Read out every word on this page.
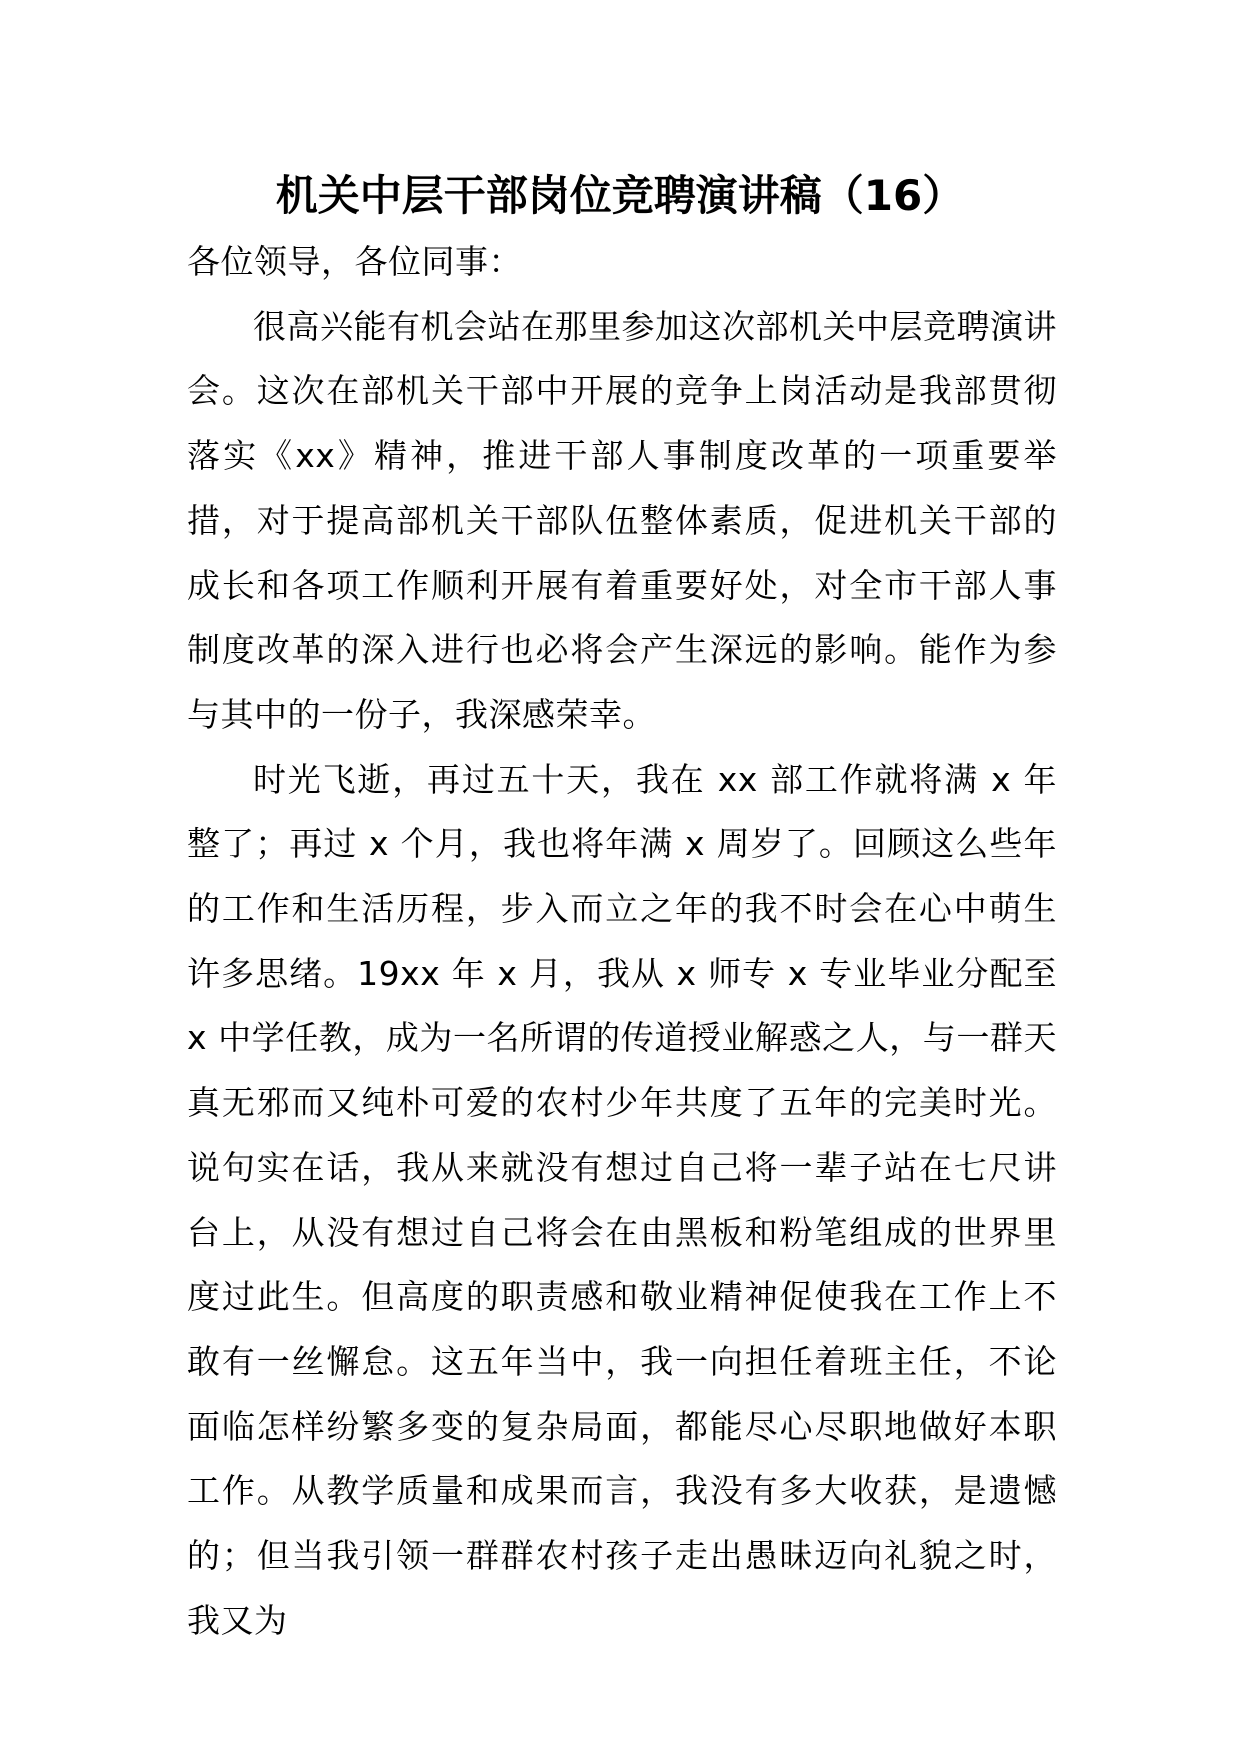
机关中层干部岗位竞聘演讲稿（16）

各位领导，各位同事：

很高兴能有机会站在那里参加这次部机关中层竞聘演讲会。这次在部机关干部中开展的竞争上岗活动是我部贯彻落实《xx》精神，推进干部人事制度改革的一项重要举措，对于提高部机关干部队伍整体素质，促进机关干部的成长和各项工作顺利开展有着重要好处，对全市干部人事制度改革的深入进行也必将会产生深远的影响。能作为参与其中的一份子，我深感荣幸。

时光飞逝，再过五十天，我在 xx 部工作就将满 x 年整了；再过 x 个月，我也将年满 x 周岁了。回顾这么些年的工作和生活历程，步入而立之年的我不时会在心中萌生许多思绪。19xx 年 x 月，我从 x 师专 x 专业毕业分配至 x 中学任教，成为一名所谓的传道授业解惑之人，与一群天真无邪而又纯朴可爱的农村少年共度了五年的完美时光。说句实在话，我从来就没有想过自己将一辈子站在七尺讲台上，从没有想过自己将会在由黑板和粉笔组成的世界里度过此生。但高度的职责感和敬业精神促使我在工作上不敢有一丝懈怠。这五年当中，我一向担任着班主任，不论面临怎样纷繁多变的复杂局面，都能尽心尽职地做好本职工作。从教学质量和成果而言，我没有多大收获，是遗憾的；但当我引领一群群农村孩子走出愚昧迈向礼貌之时，我又为
